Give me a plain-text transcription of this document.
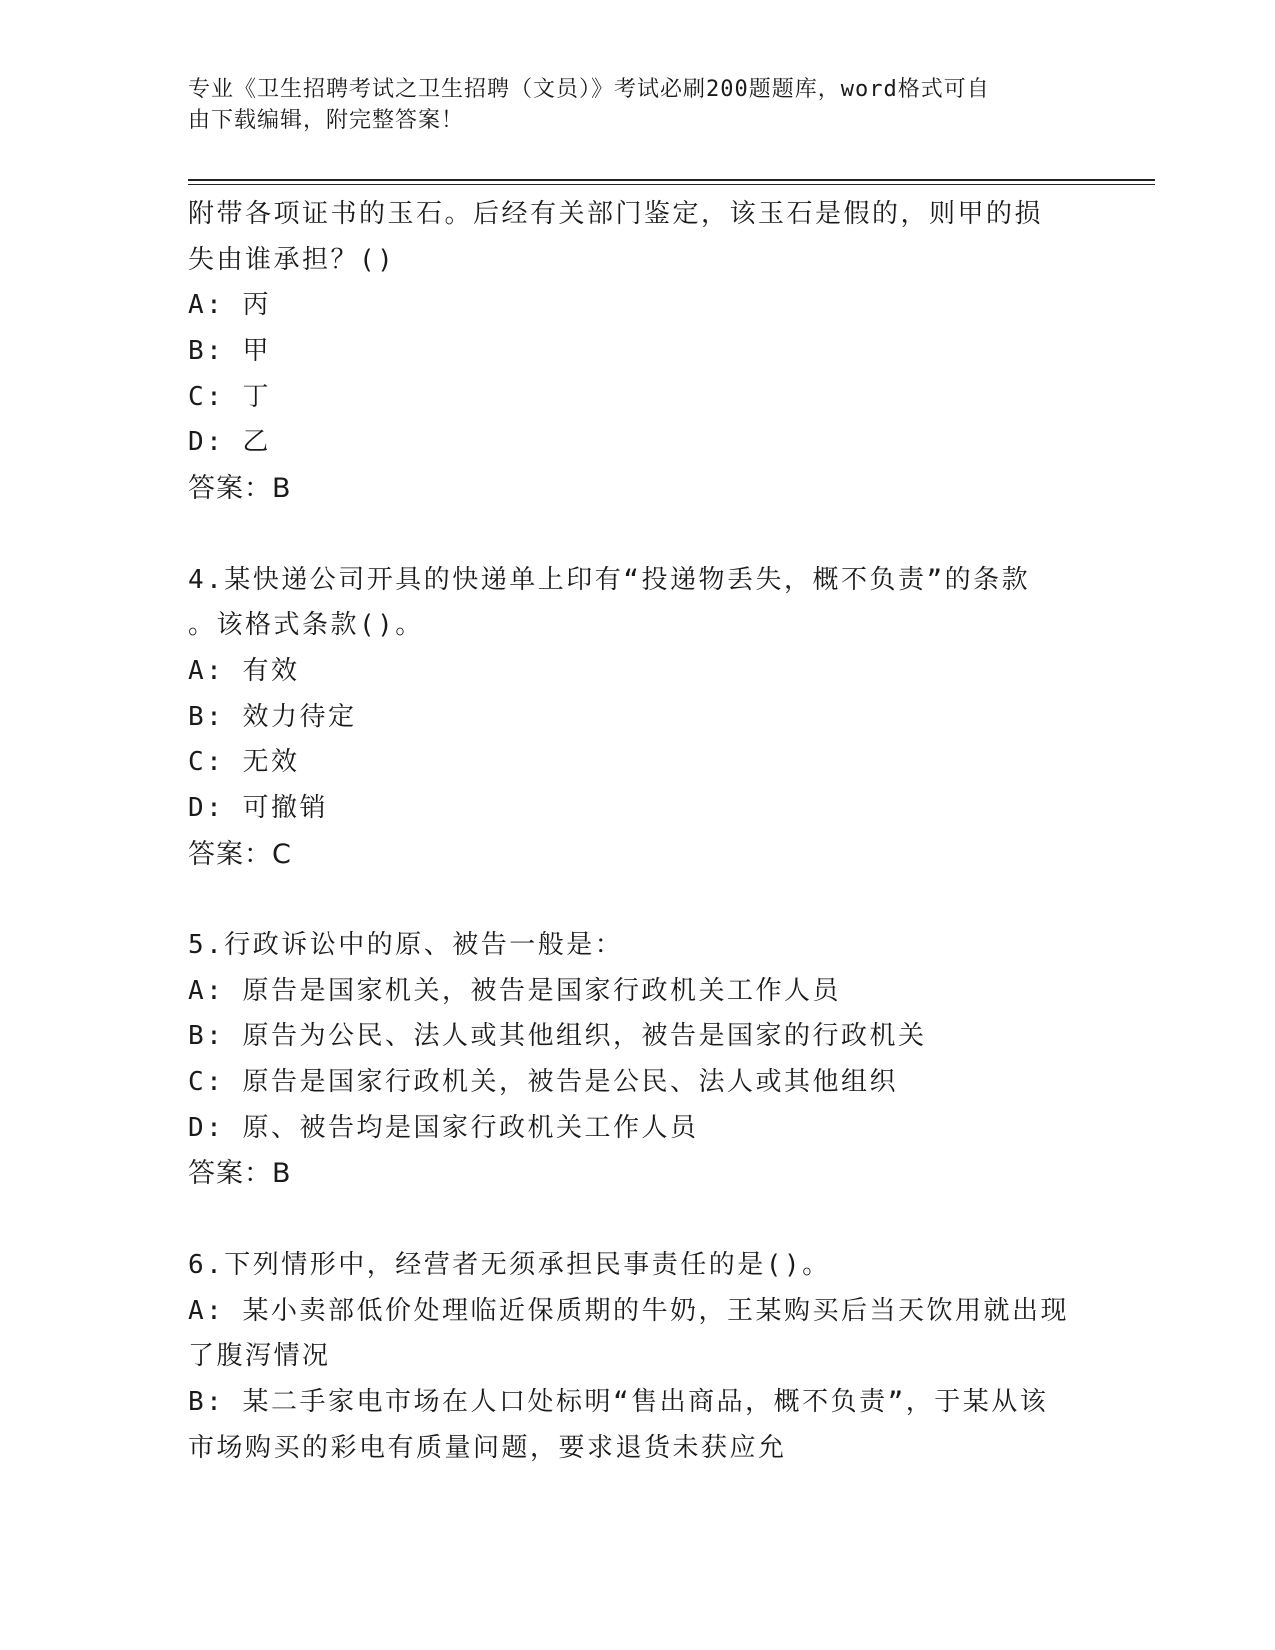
专业《卫生招聘考试之卫生招聘（文员）》考试必刷200题题库，word格式可自
由下载编辑，附完整答案！
附带各项证书的玉石。后经有关部门鉴定，该玉石是假的，则甲的损
失由谁承担？()
A: 丙
B: 甲
C: 丁
D: 乙
答案：B
4.某快递公司开具的快递单上印有“投递物丢失，概不负责”的条款
。该格式条款()。
A: 有效
B: 效力待定
C: 无效
D: 可撤销
答案：C
5.行政诉讼中的原、被告一般是：
A: 原告是国家机关，被告是国家行政机关工作人员
B: 原告为公民、法人或其他组织，被告是国家的行政机关
C: 原告是国家行政机关，被告是公民、法人或其他组织
D: 原、被告均是国家行政机关工作人员
答案：B
6.下列情形中，经营者无须承担民事责任的是()。
A: 某小卖部低价处理临近保质期的牛奶，王某购买后当天饮用就出现
了腹泻情况
B: 某二手家电市场在人口处标明“售出商品，概不负责”，于某从该
市场购买的彩电有质量问题，要求退货未获应允
